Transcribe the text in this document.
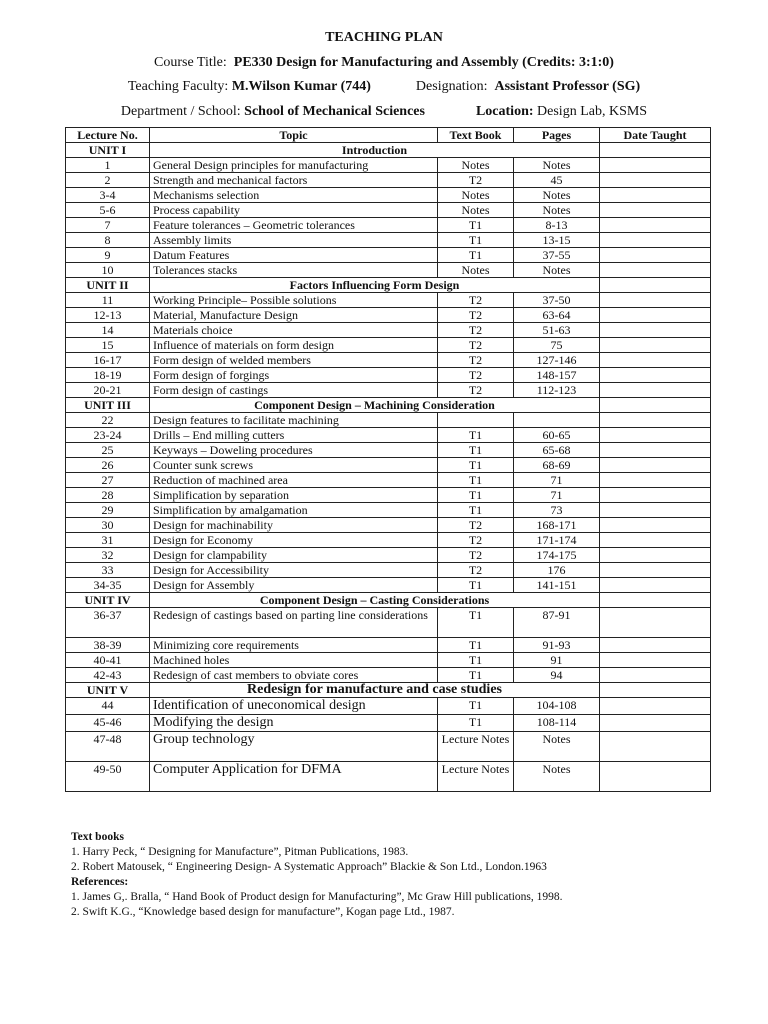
TEACHING PLAN
Course Title:  PE330 Design for Manufacturing and Assembly (Credits: 3:1:0)
Teaching Faculty: M.Wilson Kumar (744)	Designation: Assistant Professor (SG)
Department / School: School of Mechanical Sciences	Location: Design Lab, KSMS
Lecture No.	Topic	Text Book	Pages	Date Taught
UNIT I	Introduction			
1	General Design principles for manufacturing	Notes	Notes	
2	Strength and mechanical factors	T2	45	
3-4	Mechanisms selection	Notes	Notes	
5-6	Process capability	Notes	Notes	
7	Feature tolerances – Geometric tolerances	T1	8-13	
8	Assembly limits	T1	13-15	
9	Datum Features	T1	37-55	
10	Tolerances stacks	Notes	Notes	
UNIT II	Factors Influencing Form Design			
11	Working Principle– Possible solutions	T2	37-50	
12-13	Material, Manufacture Design	T2	63-64	
14	Materials choice	T2	51-63	
15	Influence of materials on form design	T2	75	
16-17	Form design of welded members	T2	127-146	
18-19	Form design of forgings	T2	148-157	
20-21	Form design of castings	T2	112-123	
UNIT III	Component Design – Machining Consideration			
22	Design features to facilitate machining			
23-24	Drills – End milling cutters	T1	60-65	
25	Keyways – Doweling procedures	T1	65-68	
26	Counter sunk screws	T1	68-69	
27	Reduction of machined area	T1	71	
28	Simplification by separation	T1	71	
29	Simplification by amalgamation	T1	73	
30	Design for machinability	T2	168-171	
31	Design for Economy	T2	171-174	
32	Design for clampability	T2	174-175	
33	Design for Accessibility	T2	176	
34-35	Design for Assembly	T1	141-151	
UNIT IV	Component Design – Casting Considerations			
36-37	Redesign of castings based on parting line considerations	T1	87-91	
38-39	Minimizing core requirements	T1	91-93	
40-41	Machined holes	T1	91	
42-43	Redesign of cast members to obviate cores	T1	94	
UNIT V	Redesign for manufacture and case studies			
44	Identification of uneconomical design	T1	104-108	
45-46	Modifying the design	T1	108-114	
47-48	Group technology	Lecture Notes	Notes	
49-50	Computer Application for DFMA	Lecture Notes	Notes	
Text books
1. Harry Peck, “ Designing for Manufacture”, Pitman Publications, 1983.
2. Robert Matousek, “ Engineering Design- A Systematic Approach” Blackie & Son Ltd., London.1963
References:
1. James G,. Bralla, “ Hand Book of Product design for Manufacturing”, Mc Graw Hill publications, 1998.
2. Swift K.G., “Knowledge based design for manufacture”, Kogan page Ltd., 1987.
